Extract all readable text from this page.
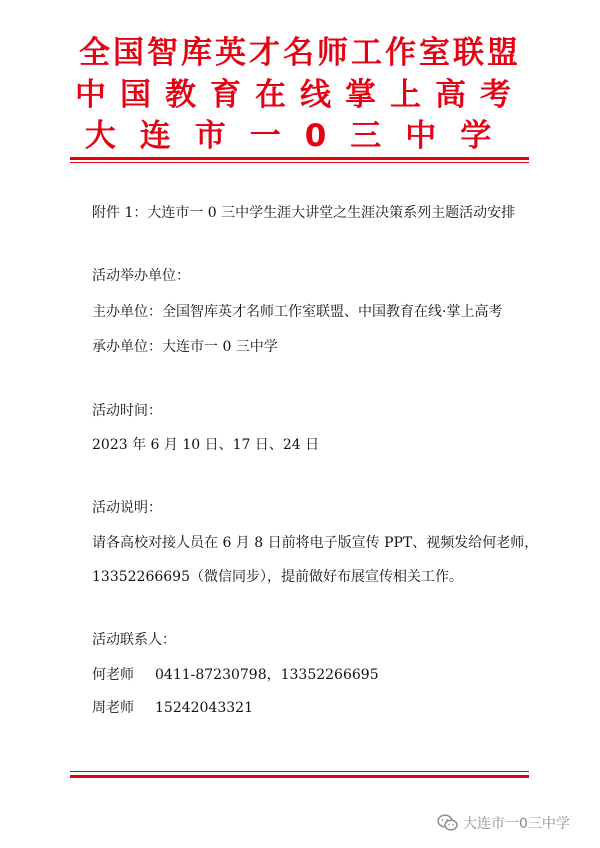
全国智库英才名师工作室联盟
中国教育在线掌上高考
大连市一0三中学
附件 1：大连市一 0 三中学生涯大讲堂之生涯决策系列主题活动安排
活动举办单位：
主办单位：全国智库英才名师工作室联盟、中国教育在线·掌上高考
承办单位：大连市一 0 三中学
活动时间：
2023 年 6 月 10 日、17 日、24 日
活动说明：
请各高校对接人员在 6 月 8 日前将电子版宣传 PPT、视频发给何老师，
13352266695（微信同步），提前做好布展宣传相关工作。
活动联系人：
何老师 0411-87230798，13352266695
周老师 15242043321
大连市一0三中学
